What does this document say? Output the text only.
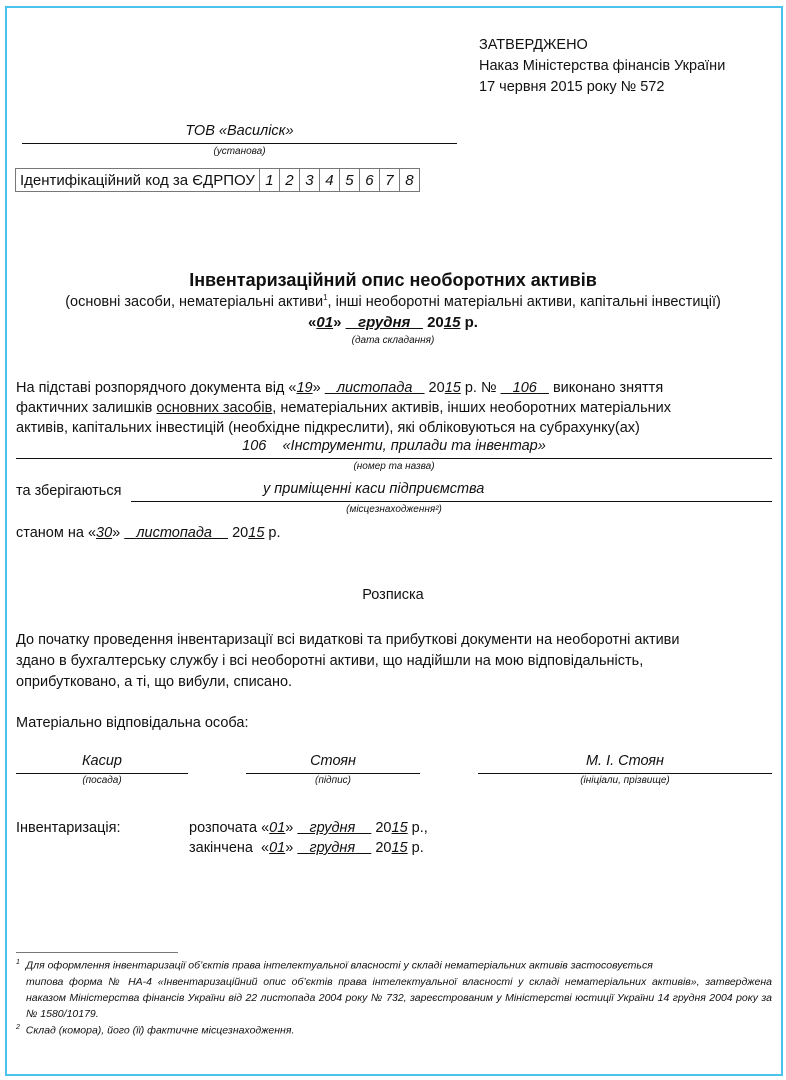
ЗАТВЕРДЖЕНО
Наказ Міністерства фінансів України
17 червня 2015 року № 572
ТОВ «Василіск»
(установа)
Ідентифікаційний код за ЄДРПОУ	1	2	3	4	5	6	7	8
Інвентаризаційний опис необоротних активів
(основні засоби, нематеріальні активи$^1$, інші необоротні матеріальні активи, капітальні інвестиції)
«01» грудня 2015 р.
(дата складання)
На підставі розпорядчого документа від «19»    листопада    2015 р. №    106    виконано зняття
фактичних залишків основних засобів, нематеріальних активів, інших необоротних матеріальних
активів, капітальних інвестицій (необхідне підкреслити), які обліковуються на субрахунку(ах)
106    «Інструменти, прилади та інвентар»
(номер та назва)
та зберігаються	у приміщенні каси підприємства
(місцезнаходження²)
станом на «30»    листопада     2015 р.
Розписка
До початку проведення інвентаризації всі видаткові та прибуткові документи на необоротні активи
здано в бухгалтерську службу і всі необоротні активи, що надійшли на мою відповідальність,
оприбутковано, а ті, що вибули, списано.
Матеріально відповідальна особа:
Касир
(посада)
Стоян
(підпис)
М. І. Стоян
(ініціали, прізвище)
Інвентаризація:	розпочата «01»    грудня     2015 р.,
закінчена  «01»    грудня     2015 р.
$^1$ Для оформлення інвентаризації об’єктів права інтелектуальної власності у складі нематеріальних активів застосовується
типова форма № НА-4 «Інвентаризаційний опис об’єктів права інтелектуальної власності у складі нематеріальних активів», затверджена наказом Міністерства фінансів України від 22 листопада 2004 року № 732, зареєстрованим у Міністерстві юстиції України 14 грудня 2004 року за № 1580/10179.
$^2$ Склад (комора), його (її) фактичне місцезнаходження.
